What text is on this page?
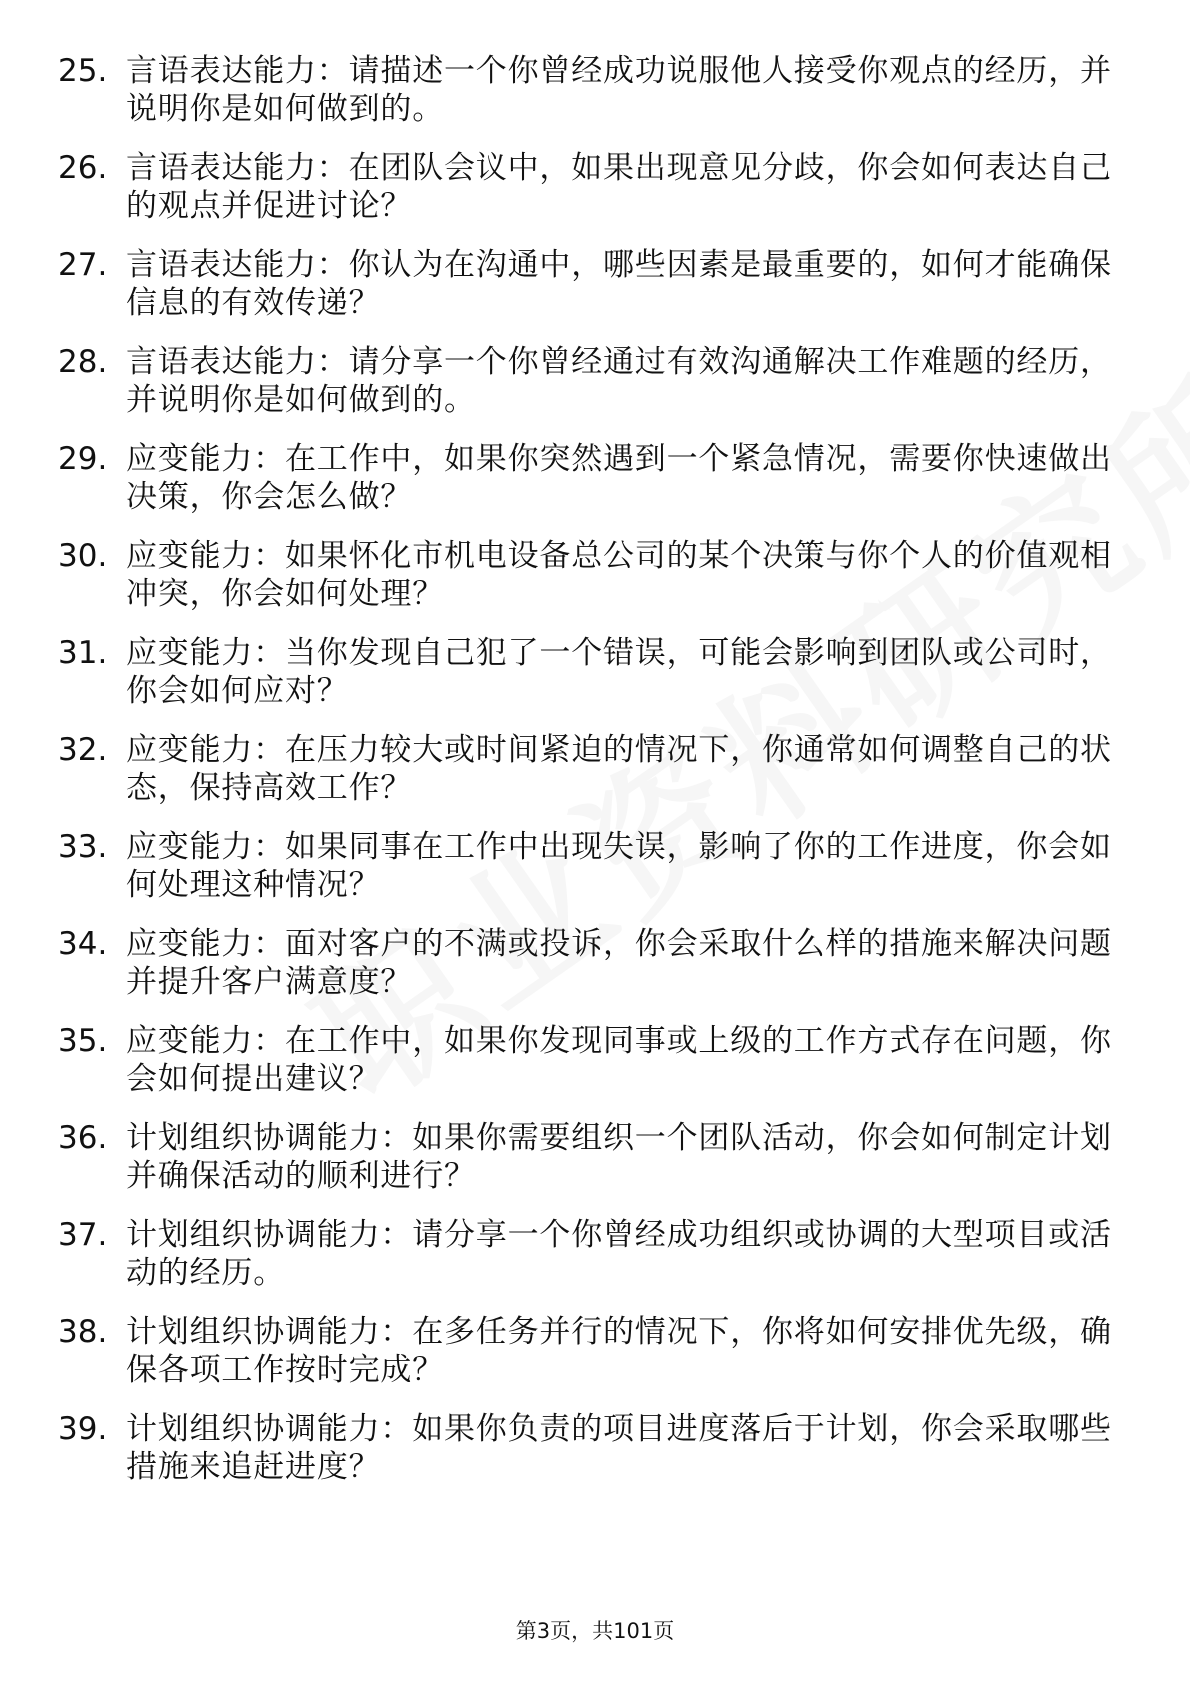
25. 言语表达能力：请描述一个你曾经成功说服他人接受你观点的经历，并说明你是如何做到的。
26. 言语表达能力：在团队会议中，如果出现意见分歧，你会如何表达自己的观点并促进讨论？
27. 言语表达能力：你认为在沟通中，哪些因素是最重要的，如何才能确保信息的有效传递？
28. 言语表达能力：请分享一个你曾经通过有效沟通解决工作难题的经历，并说明你是如何做到的。
29. 应变能力：在工作中，如果你突然遇到一个紧急情况，需要你快速做出决策，你会怎么做？
30. 应变能力：如果怀化市机电设备总公司的某个决策与你个人的价值观相冲突，你会如何处理？
31. 应变能力：当你发现自己犯了一个错误，可能会影响到团队或公司时，你会如何应对？
32. 应变能力：在压力较大或时间紧迫的情况下，你通常如何调整自己的状态，保持高效工作？
33. 应变能力：如果同事在工作中出现失误，影响了你的工作进度，你会如何处理这种情况？
34. 应变能力：面对客户的不满或投诉，你会采取什么样的措施来解决问题并提升客户满意度？
35. 应变能力：在工作中，如果你发现同事或上级的工作方式存在问题，你会如何提出建议？
36. 计划组织协调能力：如果你需要组织一个团队活动，你会如何制定计划并确保活动的顺利进行？
37. 计划组织协调能力：请分享一个你曾经成功组织或协调的大型项目或活动的经历。
38. 计划组织协调能力：在多任务并行的情况下，你将如何安排优先级，确保各项工作按时完成？
39. 计划组织协调能力：如果你负责的项目进度落后于计划，你会采取哪些措施来追赶进度？
第3页，共101页
